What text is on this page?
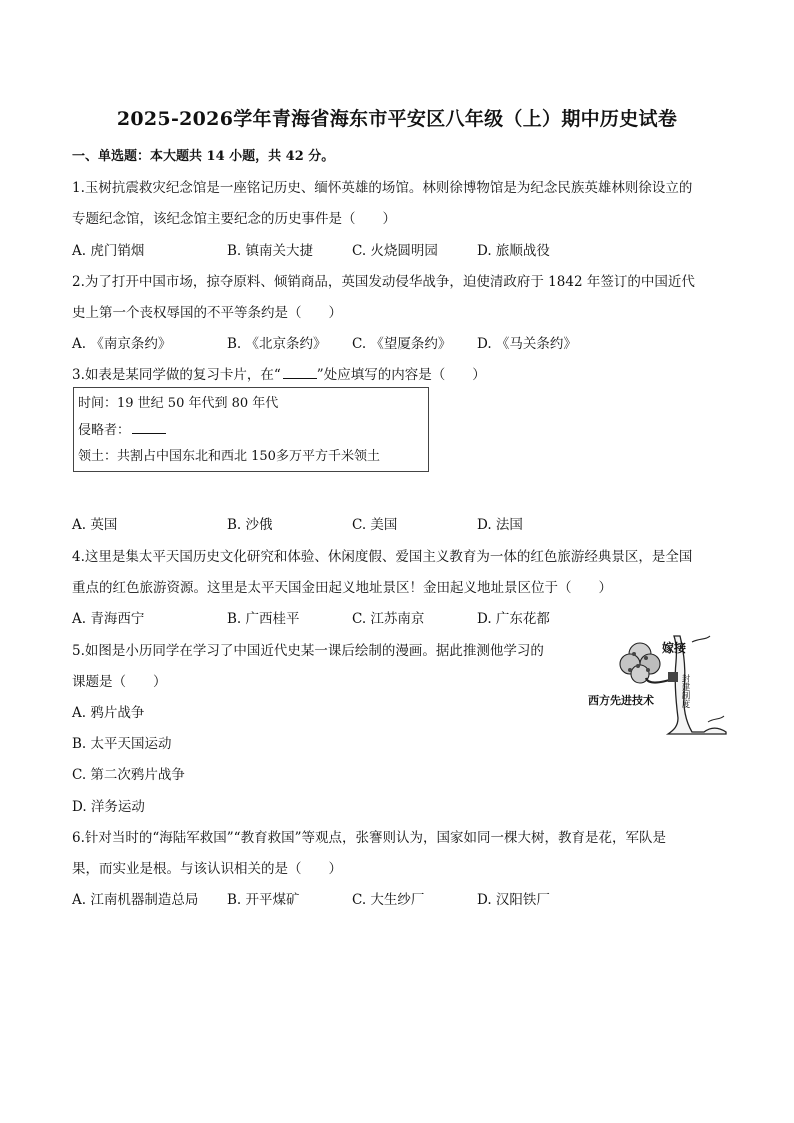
2025-2026学年青海省海东市平安区八年级（上）期中历史试卷
一、单选题：本大题共 14 小题，共 42 分。
1.玉树抗震救灾纪念馆是一座铭记历史、缅怀英雄的场馆。林则徐博物馆是为纪念民族英雄林则徐设立的
专题纪念馆，该纪念馆主要纪念的历史事件是（　　）
A. 虎门销烟	B. 镇南关大捷	C. 火烧圆明园	D. 旅顺战役
2.为了打开中国市场，掠夺原料、倾销商品，英国发动侵华战争，迫使清政府于 1842 年签订的中国近代
史上第一个丧权辱国的不平等条约是（　　）
A. 《南京条约》	B. 《北京条约》 C. 《望厦条约》 D. 《马关条约》
3.如表是某同学做的复习卡片，在“	”处应填写的内容是（　　）
时间：19 世纪 50 年代到 80 年代
侵略者：
领土：共割占中国东北和西北 150多万平方千米领土
A. 英国	B. 沙俄	C. 美国	D. 法国
4.这里是集太平天国历史文化研究和体验、休闲度假、爱国主义教育为一体的红色旅游经典景区，是全国
重点的红色旅游资源。这里是太平天国金田起义地址景区！金田起义地址景区位于（　　）
A. 青海西宁	B. 广西桂平	C. 江苏南京	D. 广东花都
5.如图是小历同学在学习了中国近代史某一课后绘制的漫画。据此推测他学习的
课题是（　　）
A. 鸦片战争
B. 太平天国运动
C. 第二次鸦片战争
D. 洋务运动
嫁接
西方先进技术	封建制度
6.针对当时的“海陆军救国”“教育救国”等观点，张謇则认为，国家如同一棵大树，教育是花，军队是
果，而实业是根。与该认识相关的是（　　）
A. 江南机器制造总局 B. 开平煤矿	C. 大生纱厂	D. 汉阳铁厂
